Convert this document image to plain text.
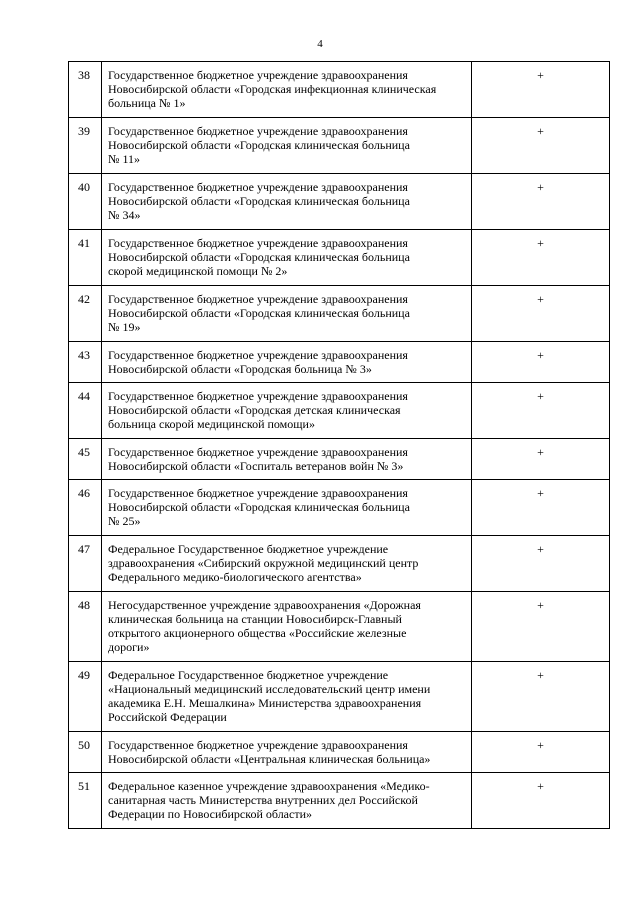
4
38	Государственное бюджетное учреждение здравоохранения
Новосибирской области «Городская инфекционная клиническая
больница № 1»	+
39	Государственное бюджетное учреждение здравоохранения
Новосибирской области «Городская клиническая больница
№ 11»	+
40	Государственное бюджетное учреждение здравоохранения
Новосибирской области «Городская клиническая больница
№ 34»	+
41	Государственное бюджетное учреждение здравоохранения
Новосибирской области «Городская клиническая больница
скорой медицинской помощи № 2»	+
42	Государственное бюджетное учреждение здравоохранения
Новосибирской области «Городская клиническая больница
№ 19»	+
43	Государственное бюджетное учреждение здравоохранения
Новосибирской области «Городская больница № 3»	+
44	Государственное бюджетное учреждение здравоохранения
Новосибирской области «Городская детская клиническая
больница скорой медицинской помощи»	+
45	Государственное бюджетное учреждение здравоохранения
Новосибирской области «Госпиталь ветеранов войн № 3»	+
46	Государственное бюджетное учреждение здравоохранения
Новосибирской области «Городская клиническая больница
№ 25»	+
47	Федеральное Государственное бюджетное учреждение
здравоохранения «Сибирский окружной медицинский центр
Федерального медико-биологического агентства»	+
48	Негосударственное учреждение здравоохранения «Дорожная
клиническая больница на станции Новосибирск-Главный
открытого акционерного общества «Российские железные
дороги»	+
49	Федеральное Государственное бюджетное учреждение
«Национальный медицинский исследовательский центр имени
академика Е.Н. Мешалкина» Министерства здравоохранения
Российской Федерации	+
50	Государственное бюджетное учреждение здравоохранения
Новосибирской области «Центральная клиническая больница»	+
51	Федеральное казенное учреждение здравоохранения «Медико-
санитарная часть Министерства внутренних дел Российской
Федерации по Новосибирской области»	+
